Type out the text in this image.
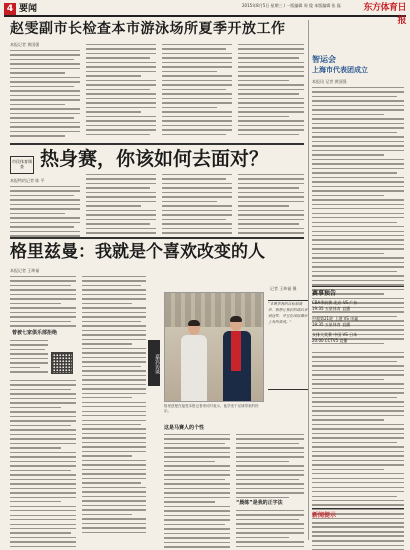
4 要闻	2015年8月5日 星期三 / 一版编辑 周 俊 本版编辑 张 磊	东方体育日报
赵雯副市长检查本市游泳场所夏季开放工作
本报记者 黄国强
智运会
上海市代表团成立
本报讯 记者 黄国强
市民体育调查 热身赛，你该如何去面对？
本报特约记者 陈 平
格里兹曼：我就是个喜欢改变的人
本报记者 王坤福
曾被七家俱乐部拒绝
记者 王坤福 摄
格里兹曼在接受本报记者采访时表示，他享受于足球带来的快乐。
嘉宾访谈
“本赛季我的目标很简单，我想让我们的球队拿到冠军，并且在国际舞台上有所表现。”
这是马赛人的个性
“晨练”是我的正字法
赛事预告
CBA季前赛 北京 VS 广东
19:35 五星体育 直播
中超第21轮 上港 VS 申鑫
19:35 五星体育 直播
女排大奖赛 中国 VS 日本
20:00 CCTV5 直播
新闻提示
